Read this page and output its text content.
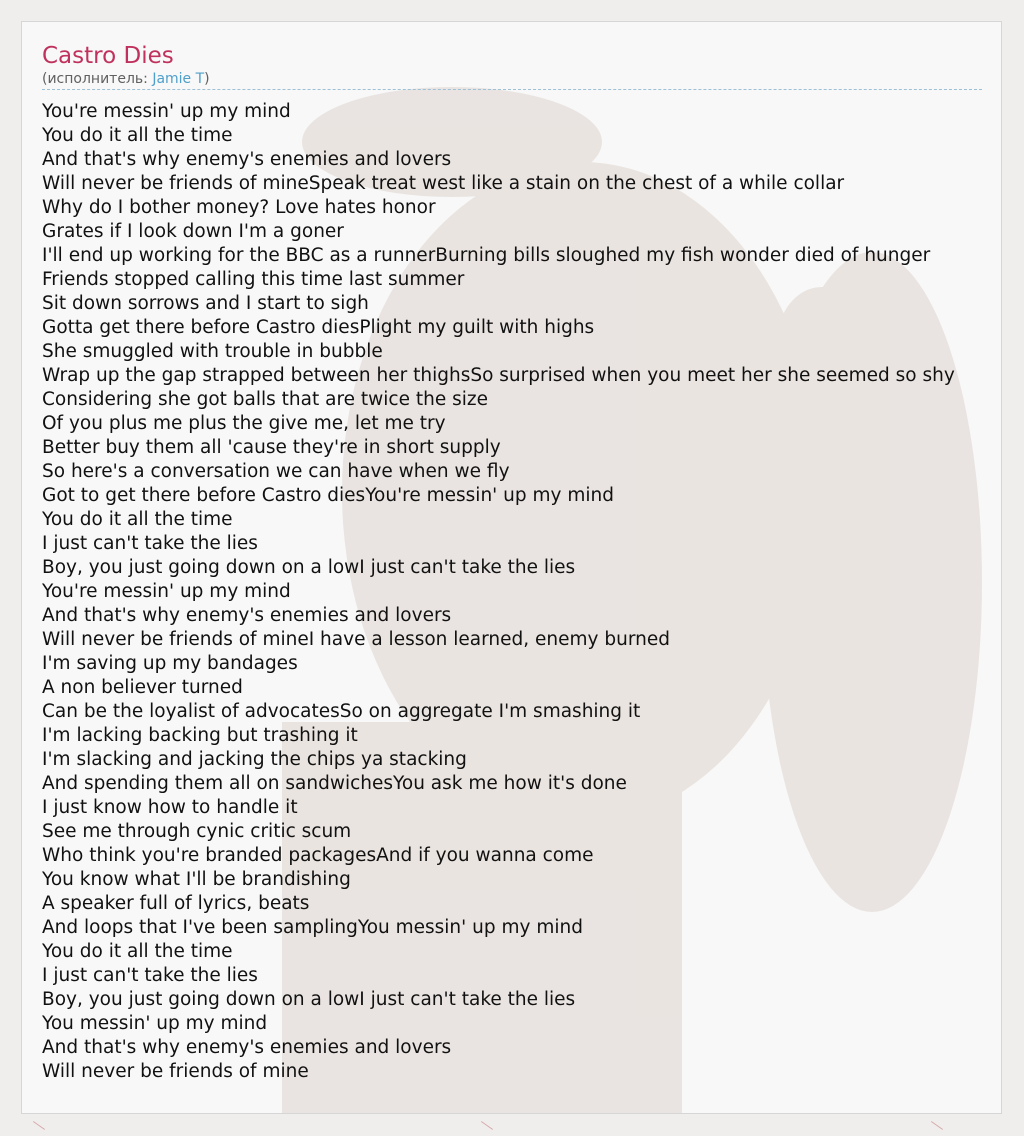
Castro Dies
(исполнитель: Jamie T)
You're messin' up my mind
You do it all the time
And that's why enemy's enemies and lovers
Will never be friends of mineSpeak treat west like a stain on the chest of a while collar
Why do I bother money? Love hates honor
Grates if I look down I'm a goner
I'll end up working for the BBC as a runnerBurning bills sloughed my fish wonder died of hunger
Friends stopped calling this time last summer
Sit down sorrows and I start to sigh
Gotta get there before Castro diesPlight my guilt with highs
She smuggled with trouble in bubble
Wrap up the gap strapped between her thighsSo surprised when you meet her she seemed so shy
Considering she got balls that are twice the size
Of you plus me plus the give me, let me try
Better buy them all 'cause they're in short supply
So here's a conversation we can have when we fly
Got to get there before Castro diesYou're messin' up my mind
You do it all the time
I just can't take the lies
Boy, you just going down on a lowI just can't take the lies
You're messin' up my mind
And that's why enemy's enemies and lovers
Will never be friends of mineI have a lesson learned, enemy burned
I'm saving up my bandages
A non believer turned
Can be the loyalist of advocatesSo on aggregate I'm smashing it
I'm lacking backing but trashing it
I'm slacking and jacking the chips ya stacking
And spending them all on sandwichesYou ask me how it's done
I just know how to handle it
See me through cynic critic scum
Who think you're branded packagesAnd if you wanna come
You know what I'll be brandishing
A speaker full of lyrics, beats
And loops that I've been samplingYou messin' up my mind
You do it all the time
I just can't take the lies
Boy, you just going down on a lowI just can't take the lies
You messin' up my mind
And that's why enemy's enemies and lovers
Will never be friends of mine
